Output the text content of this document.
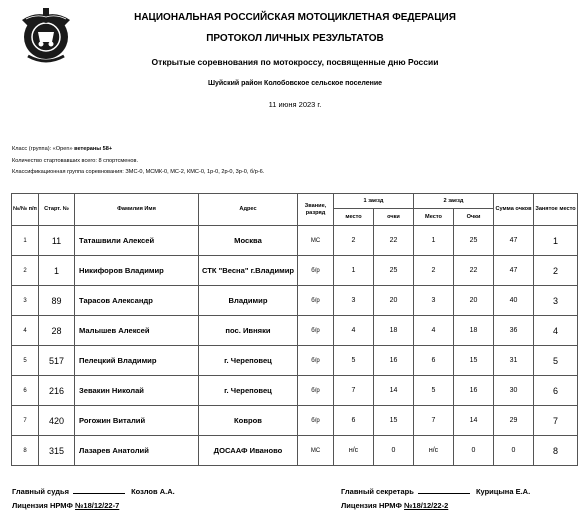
НАЦИОНАЛЬНАЯ РОССИЙСКАЯ МОТОЦИКЛЕТНАЯ ФЕДЕРАЦИЯ
ПРОТОКОЛ ЛИЧНЫХ РЕЗУЛЬТАТОВ
Открытые соревнования по мотокроссу, посвященные дню России
Шуйский район Колобовское сельское поселение
11 июня 2023 г.
Класс (группа): «Open» ветераны 58+
Количество стартовавших всего: 8 спортсменов.
Классификационная группа соревнования: ЗМС-0, МСМК-0, МС-2, КМС-0, 1р-0, 2р-0, 3р-0, б/р-6.
№/№ п/п	Старт. №	Фамилия Имя	Адрес	Звание, разряд	1 заезд		2 заезд		Сумма очков	Занятое место
					место	очки	Место	Очки		
1	11	Таташвили Алексей	Москва	МС	2	22	1	25	47	1
2	1	Никифоров Владимир	СТК "Весна" г.Владимир	б/р	1	25	2	22	47	2
3	89	Тарасов Александр	Владимир	б/р	3	20	3	20	40	3
4	28	Малышев Алексей	пос. Ивняки	б/р	4	18	4	18	36	4
5	517	Пелецкий Владимир	г. Череповец	б/р	5	16	6	15	31	5
6	216	Зевакин Николай	г. Череповец	б/р	7	14	5	16	30	6
7	420	Рогожин Виталий	Ковров	б/р	6	15	7	14	29	7
8	315	Лазарев Анатолий	ДОСААФ Иваново	МС	н/с	0	н/с	0	0	8
Главный судья	Козлов А.А.
Лицензия НРМФ №18/12/22-7
Главный секретарь	Курицына Е.А.
Лицензия НРМФ №18/12/22-2
